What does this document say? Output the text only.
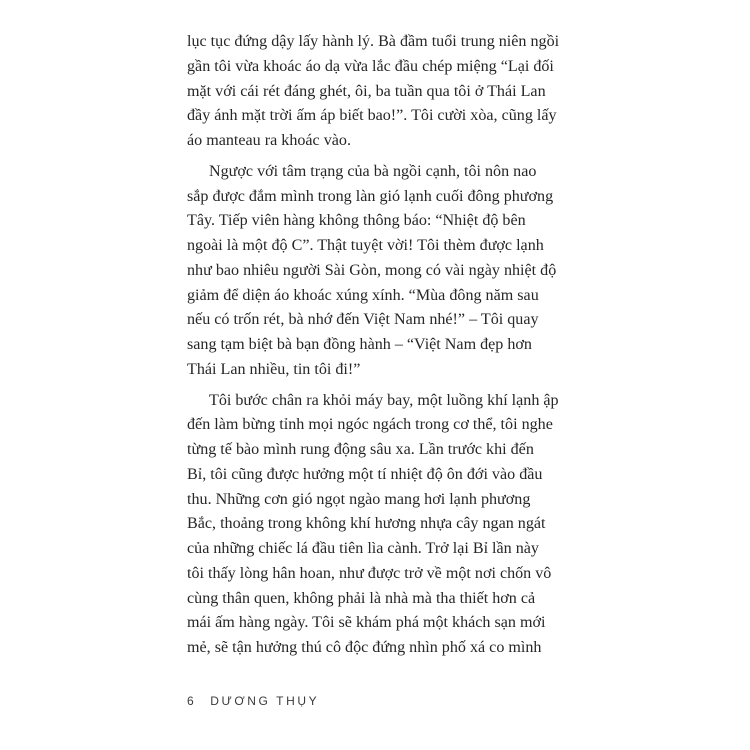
lục tục đứng dậy lấy hành lý. Bà đầm tuổi trung niên ngồi
gần tôi vừa khoác áo dạ vừa lắc đầu chép miệng “Lại đối
mặt với cái rét đáng ghét, ôi, ba tuần qua tôi ở Thái Lan
đầy ánh mặt trời ấm áp biết bao!”. Tôi cười xòa, cũng lấy
áo manteau ra khoác vào.
Ngược với tâm trạng của bà ngồi cạnh, tôi nôn nao
sắp được đắm mình trong làn gió lạnh cuối đông phương
Tây. Tiếp viên hàng không thông báo: “Nhiệt độ bên
ngoài là một độ C”. Thật tuyệt vời! Tôi thèm được lạnh
như bao nhiêu người Sài Gòn, mong có vài ngày nhiệt độ
giảm để diện áo khoác xúng xính. “Mùa đông năm sau
nếu có trốn rét, bà nhớ đến Việt Nam nhé!” – Tôi quay
sang tạm biệt bà bạn đồng hành – “Việt Nam đẹp hơn
Thái Lan nhiều, tin tôi đi!”
Tôi bước chân ra khỏi máy bay, một luồng khí lạnh ập
đến làm bừng tỉnh mọi ngóc ngách trong cơ thể, tôi nghe
từng tế bào mình rung động sâu xa. Lần trước khi đến
Bỉ, tôi cũng được hưởng một tí nhiệt độ ôn đới vào đầu
thu. Những cơn gió ngọt ngào mang hơi lạnh phương
Bắc, thoảng trong không khí hương nhựa cây ngan ngát
của những chiếc lá đầu tiên lìa cành. Trở lại Bỉ lần này
tôi thấy lòng hân hoan, như được trở về một nơi chốn vô
cùng thân quen, không phải là nhà mà tha thiết hơn cả
mái ấm hàng ngày. Tôi sẽ khám phá một khách sạn mới
mẻ, sẽ tận hưởng thú cô độc đứng nhìn phố xá co mình
6 DƯƠNG THỤY
